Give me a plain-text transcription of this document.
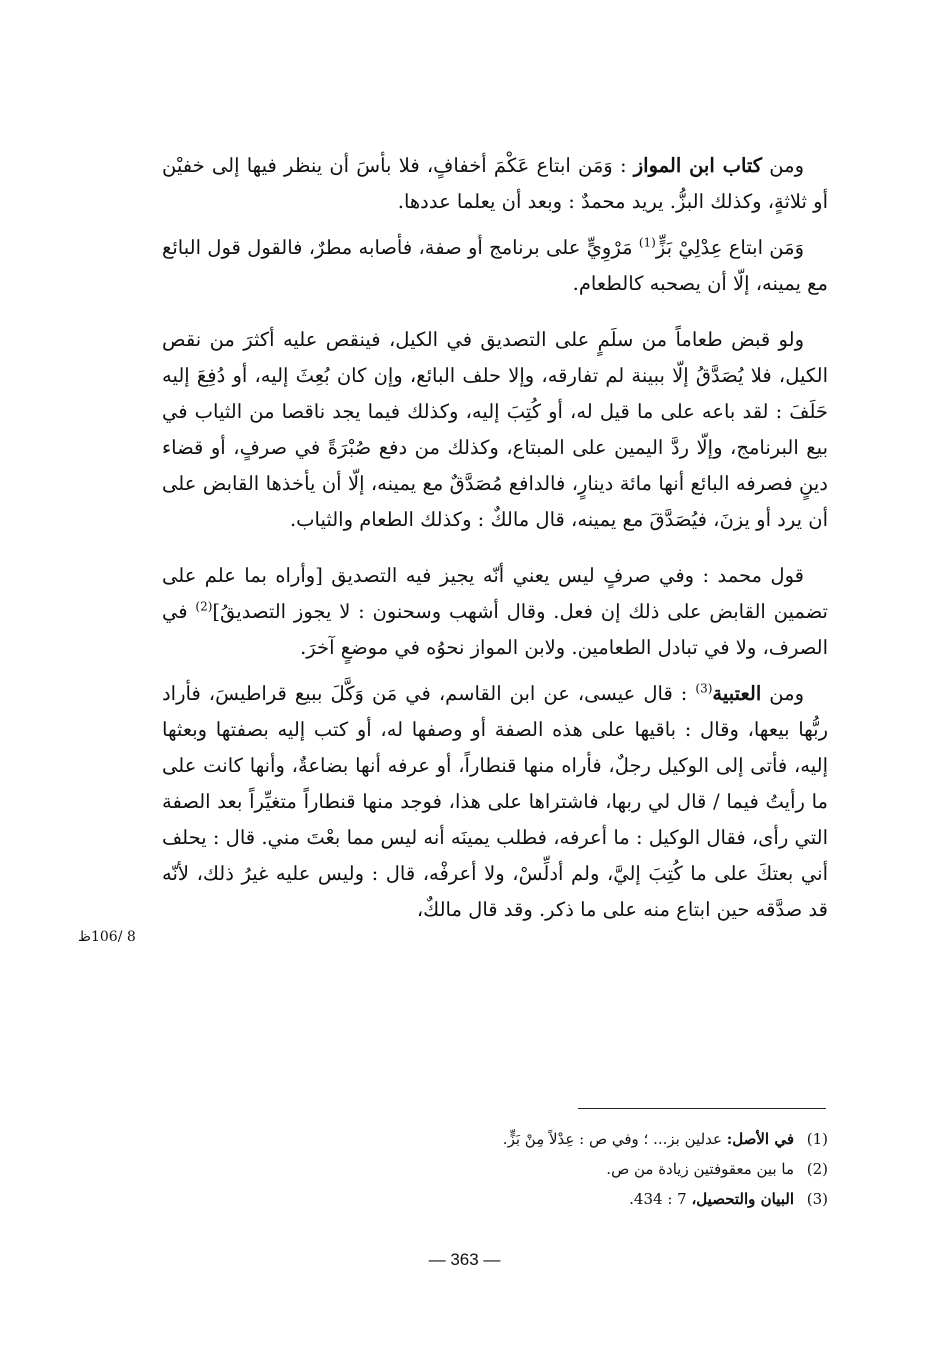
ومن كتاب ابن المواز : وَمَن ابتاع عَكْمَ أخفافٍ، فلا بأسَ أن ينظر فيها إلى خفيْن أو ثلاثةٍ، وكذلك البزُّ. يريد محمدٌ : وبعد أن يعلما عددها.

وَمَن ابتاع عِدْلِيْ بَزٍّ$^{(1)}$ مَرْوِيٍّ على برنامج أو صفة، فأصابه مطرٌ، فالقول قول البائع مع يمينه، إلّا أن يصحبه كالطعام.

ولو قبض طعاماً من سلَمٍ على التصديق في الكيل، فينقص عليه أكثرَ من نقص الكيل، فلا يُصَدَّقُ إلّا ببينة لم تفارقه، وإلا حلف البائع، وإن كان بُعِثَ إليه، أو دُفِعَ إليه حَلَفَ : لقد باعه على ما قيل له، أو كُتِبَ إليه، وكذلك فيما يجد ناقصا من الثياب في بيع البرنامج، وإلّا ردَّ اليمين على المبتاع، وكذلك من دفع صُبْرَةً في صرفٍ، أو قضاء دينٍ فصرفه البائع أنها مائة دينارٍ، فالدافع مُصَدَّقٌ مع يمينه، إلّا أن يأخذها القابض على أن يرد أو يزنَ، فيُصَدَّقَ مع يمينه، قال مالكٌ : وكذلك الطعام والثياب.

قول محمد : وفي صرفٍ ليس يعني أنّه يجيز فيه التصديق [وأراه بما علم على تضمين القابض على ذلك إن فعل. وقال أشهب وسحنون : لا يجوز التصديقُ]$^{(2)}$ في الصرف، ولا في تبادل الطعامين. ولابن المواز نحوُه في موضعٍ آخرَ.

ومن العتبية$^{(3)}$ : قال عيسى، عن ابن القاسم، في مَن وَكَّلَ ببيع قراطيسَ، فأراد ربُّها بيعها، وقال : باقيها على هذه الصفة أو وصفها له، أو كتب إليه بصفتها وبعثها إليه، فأتى إلى الوكيل رجلٌ، فأراه منها قنطاراً، أو عرفه أنها بضاعةٌ، وأنها كانت على ما رأيتُ فيما / قال لي ربها، فاشتراها على هذا، فوجد منها قنطاراً متغيِّراً بعد الصفة التي رأى، فقال الوكيل : ما أعرفه، فطلب يمينَه أنه ليس مما بعْتَ مني. قال : يحلف أني بعتكَ على ما كُتِبَ إليَّ، ولم أدلِّسْ، ولا أعرفْه، قال : وليس عليه غيرُ ذلك، لأنّه قد صدَّقه حين ابتاع منه على ما ذكر. وقد قال مالكٌ،

8 /106ظ
(1)في الأصل: عدلين بز... ؛ وفي ص : عِدْلاً مِنْ بَزٍّ.
(2)ما بين معقوفتين زيادة من ص.
(3)البيان والتحصيل، 7 : 434.
— 363 —
